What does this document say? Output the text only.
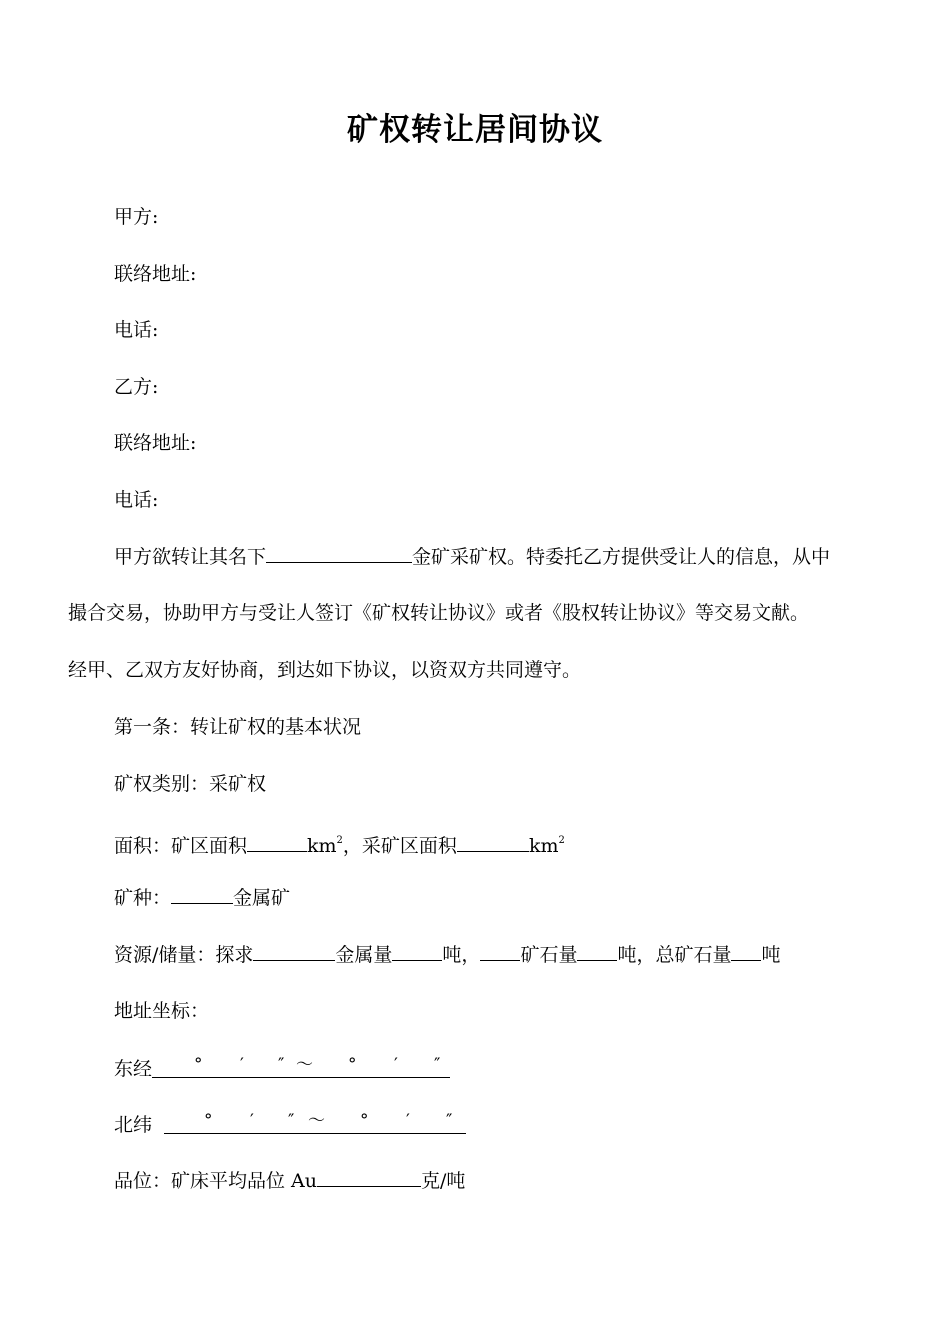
矿权转让居间协议
甲方:
联络地址:
电话:
乙方:
联络地址:
电话:
甲方欲转让其名下	金矿采矿权。特委托乙方提供受让人的信息，从中
撮合交易，协助甲方与受让人签订《矿权转让协议》或者《股权转让协议》等交易文献。
经甲、乙双方友好协商，到达如下协议，以资双方共同遵守。
第一条：转让矿权的基本状况
矿权类别：采矿权
面积：矿区面积	$km^2$，采矿区面积	$km^2$
矿种：	金属矿
资源/储量：探求	金属量	吨， 矿石量 吨，总矿石量 吨
地址坐标：
东经 ° ′ ″ ～ ° ′ ″
北纬	° ′ ″ ～ ° ′ ″
品位：矿床平均品位 Au	克/吨
